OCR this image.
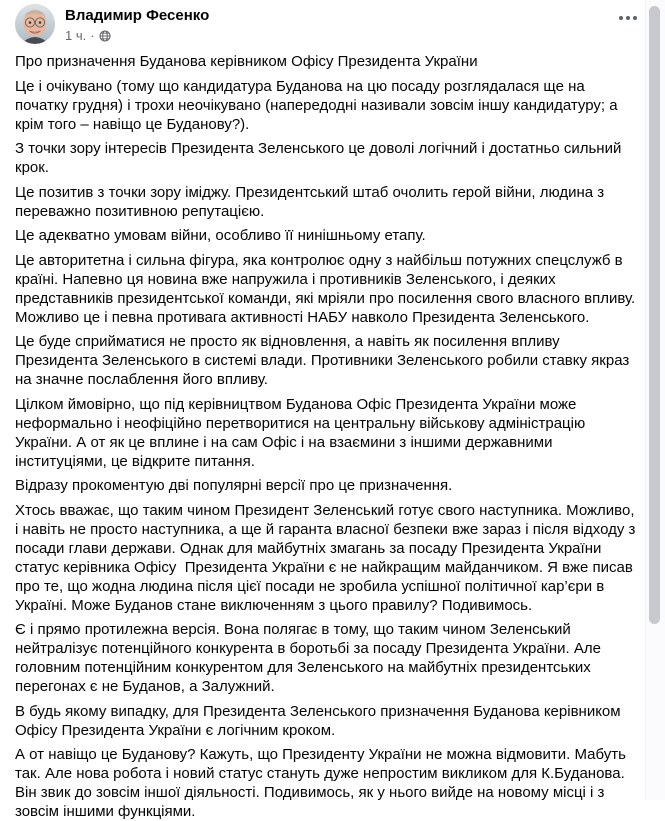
Владимир Фесенко
1 ч. ·

Про призначення Буданова керівником Офісу Президента України

Це і очікувано (тому що кандидатура Буданова на цю посаду розглядалася ще на початку грудня) і трохи неочікувано (напередодні називали зовсім іншу кандидатуру; а крім того – навіщо це Буданову?).

З точки зору інтересів Президента Зеленського це доволі логічний і достатньо сильний крок.

Це позитив з точки зору іміджу. Президентський штаб очолить герой війни, людина з переважно позитивною репутацією.

Це адекватно умовам війни, особливо її нинішньому етапу.

Це авторитетна і сильна фігура, яка контролює одну з найбільш потужних спецслужб в країні. Напевно ця новина вже напружила і противників Зеленського, і деяких представників президентської команди, які мріяли про посилення свого власного впливу. Можливо це і певна противага активності НАБУ навколо Президента Зеленського.

Це буде сприйматися не просто як відновлення, а навіть як посилення впливу Президента Зеленського в системі влади. Противники Зеленського робили ставку якраз на значне послаблення його впливу.

Цілком ймовірно, що під керівництвом Буданова Офіс Президента України може неформально і неофіційно перетворитися на центральну військову адміністрацію України. А от як це вплине і на сам Офіс і на взаємини з іншими державними інституціями, це відкрите питання.

Відразу прокоментую дві популярні версії про це призначення.

Хтось вважає, що таким чином Президент Зеленський готує свого наступника. Можливо, і навіть не просто наступника, а ще й гаранта власної безпеки вже зараз і після відходу з посади глави держави. Однак для майбутніх змагань за посаду Президента України статус керівника Офісу  Президента України є не найкращим майданчиком. Я вже писав про те, що жодна людина після цієї посади не зробила успішної політичної кар’єри в Україні. Може Буданов стане виключенням з цього правилу? Подивимось.

Є і прямо протилежна версія. Вона полягає в тому, що таким чином Зеленський нейтралізує потенційного конкурента в боротьбі за посаду Президента України. Але головним потенційним конкурентом для Зеленського на майбутніх президентських перегонах є не Буданов, а Залужний.

В будь якому випадку, для Президента Зеленського призначення Буданова керівником Офісу Президента України є логічним кроком.

А от навіщо це Буданову? Кажуть, що Президенту України не можна відмовити. Мабуть так. Але нова робота і новий статус стануть дуже непростим викликом для К.Буданова. Він звик до зовсім іншої діяльності. Подивимось, як у нього вийде на новому місці і з зовсім іншими функціями.
